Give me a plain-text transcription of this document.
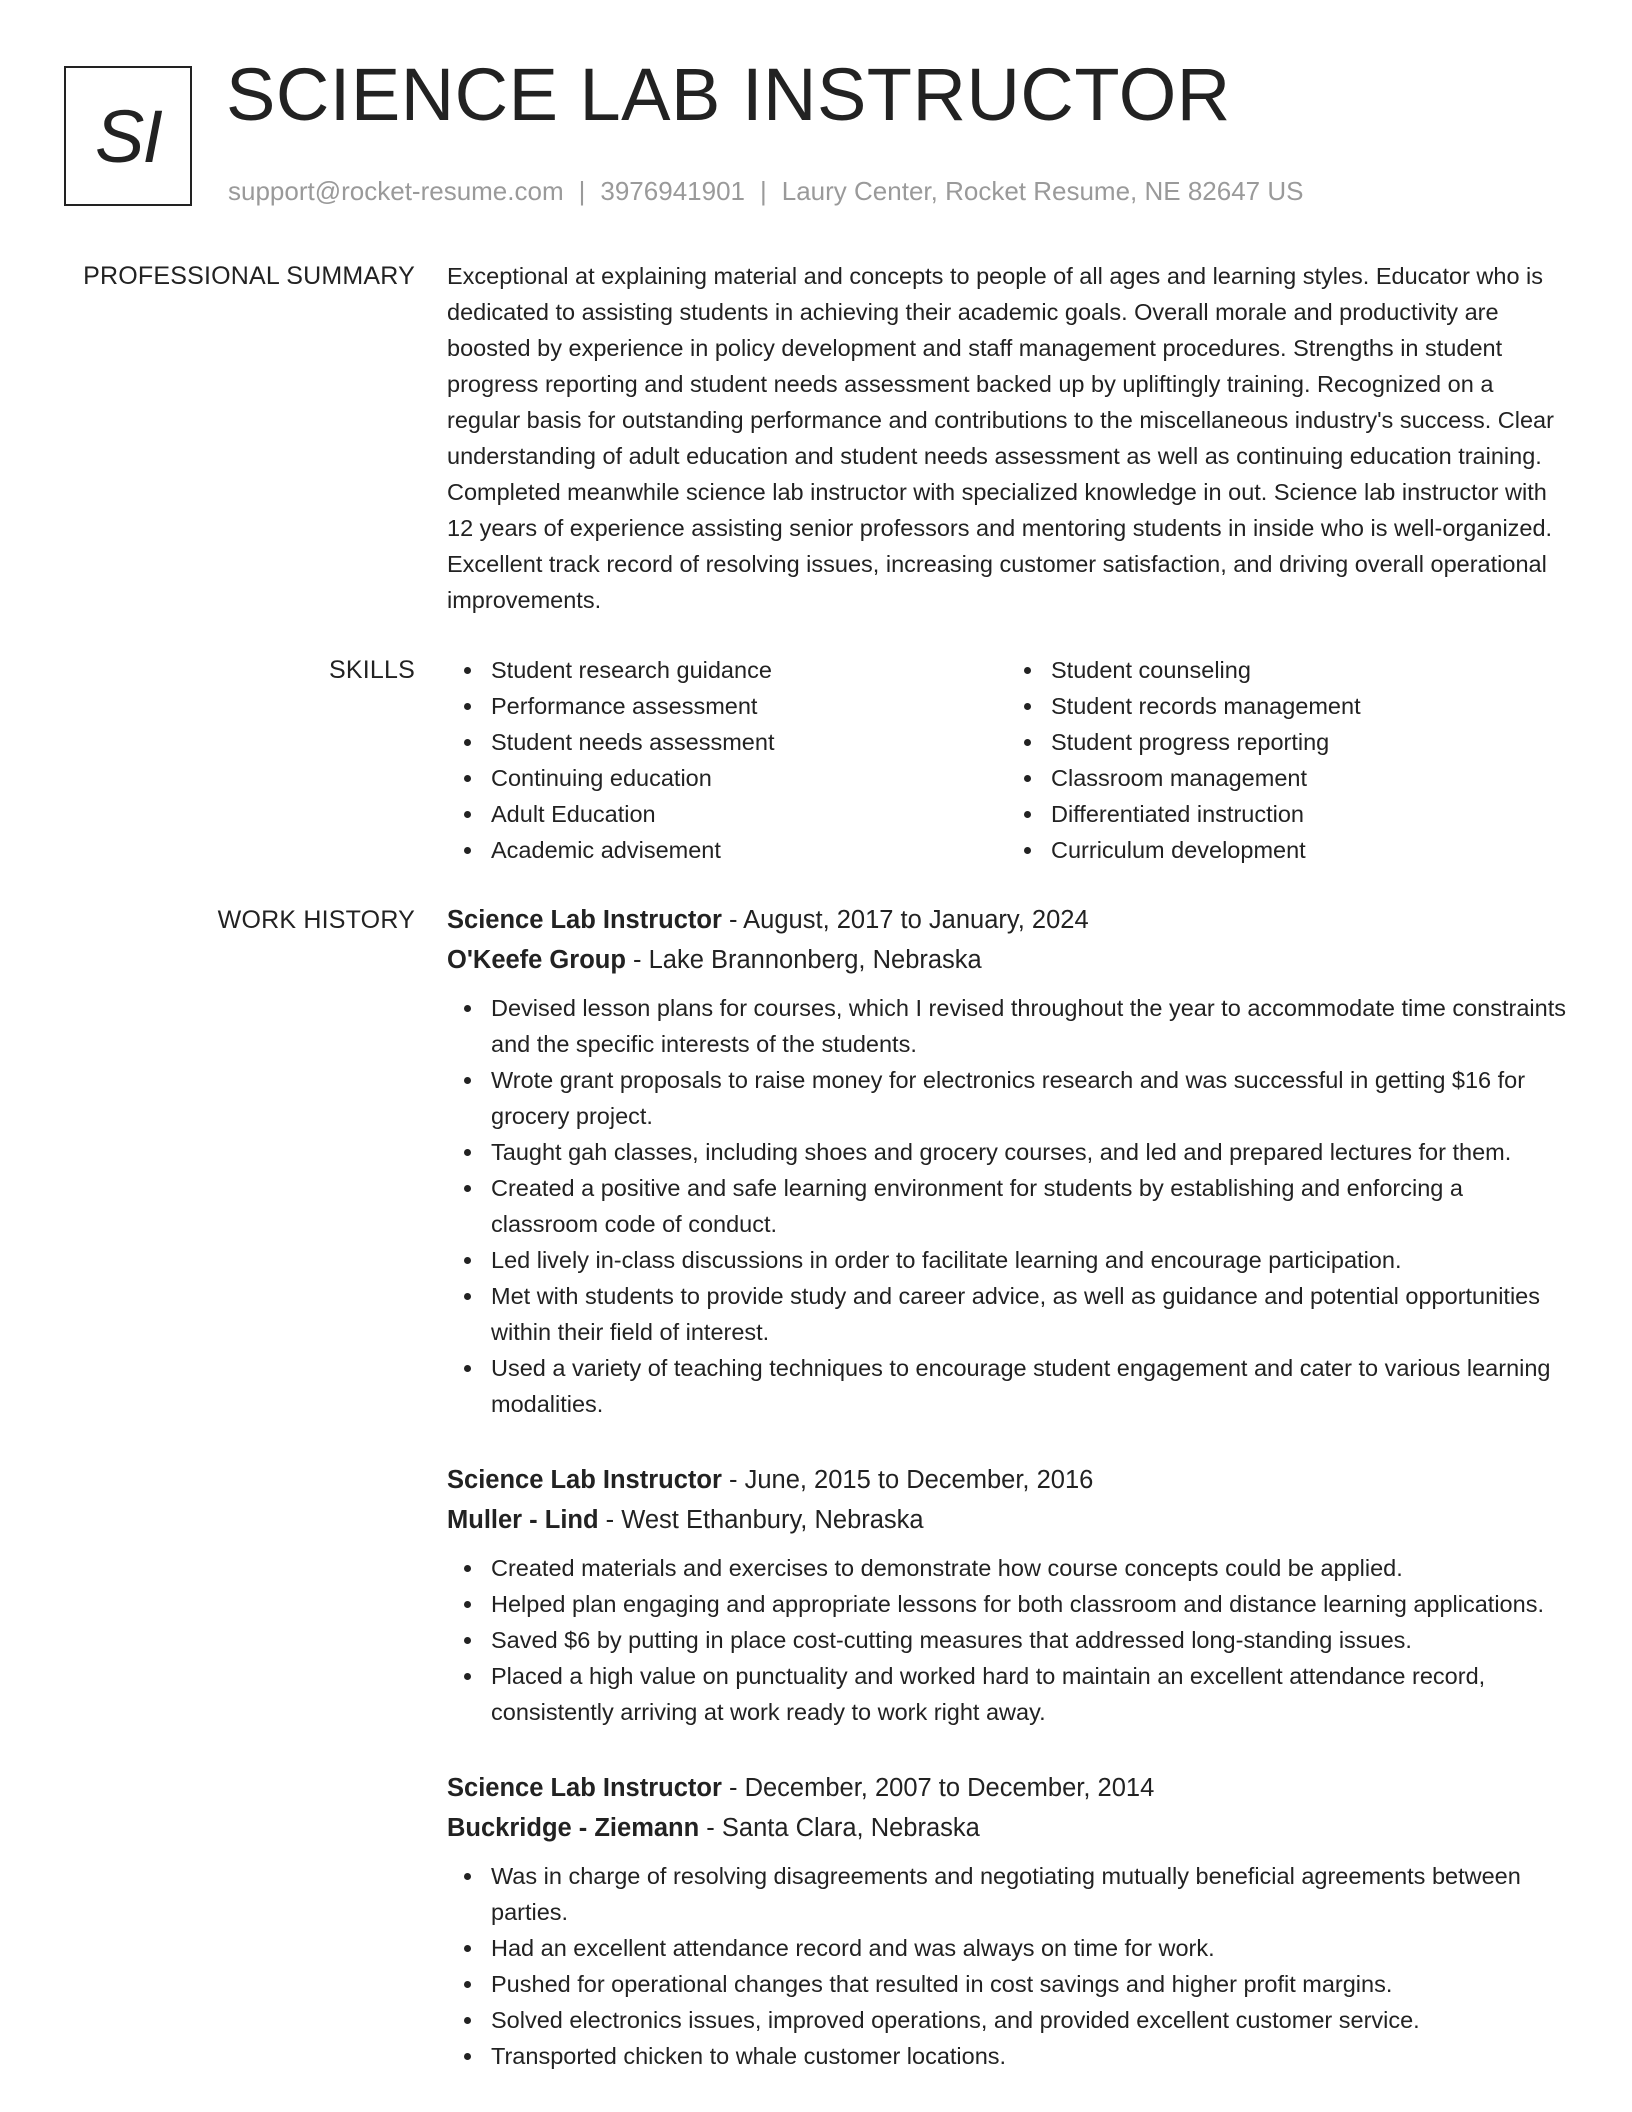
SI SCIENCE LAB INSTRUCTOR
support@rocket-resume.com | 3976941901 | Laury Center, Rocket Resume, NE 82647 US
PROFESSIONAL SUMMARY Exceptional at explaining material and concepts to people of all ages and learning styles. Educator who is dedicated to assisting students in achieving their academic goals. Overall morale and productivity are boosted by experience in policy development and staff management procedures. Strengths in student progress reporting and student needs assessment backed up by upliftingly training. Recognized on a regular basis for outstanding performance and contributions to the miscellaneous industry's success. Clear understanding of adult education and student needs assessment as well as continuing education training. Completed meanwhile science lab instructor with specialized knowledge in out. Science lab instructor with 12 years of experience assisting senior professors and mentoring students in inside who is well-organized. Excellent track record of resolving issues, increasing customer satisfaction, and driving overall operational improvements.

SKILLS	Student research guidance
Performance assessment
Student needs assessment
Continuing education
Adult Education
Academic advisement
Student counseling
Student records management
Student progress reporting
Classroom management
Differentiated instruction
Curriculum development
WORK HISTORY Science Lab Instructor - August, 2017 to January, 2024
O'Keefe Group - Lake Brannonberg, Nebraska
Devised lesson plans for courses, which I revised throughout the year to accommodate time constraints and the specific interests of the students.
Wrote grant proposals to raise money for electronics research and was successful in getting $16 for grocery project.
Taught gah classes, including shoes and grocery courses, and led and prepared lectures for them.
Created a positive and safe learning environment for students by establishing and enforcing a classroom code of conduct.
Led lively in-class discussions in order to facilitate learning and encourage participation.
Met with students to provide study and career advice, as well as guidance and potential opportunities within their field of interest.
Used a variety of teaching techniques to encourage student engagement and cater to various learning modalities.
Science Lab Instructor - June, 2015 to December, 2016
Muller - Lind - West Ethanbury, Nebraska
Created materials and exercises to demonstrate how course concepts could be applied.
Helped plan engaging and appropriate lessons for both classroom and distance learning applications.
Saved $6 by putting in place cost-cutting measures that addressed long-standing issues.
Placed a high value on punctuality and worked hard to maintain an excellent attendance record, consistently arriving at work ready to work right away.
Science Lab Instructor - December, 2007 to December, 2014
Buckridge - Ziemann - Santa Clara, Nebraska
Was in charge of resolving disagreements and negotiating mutually beneficial agreements between parties.
Had an excellent attendance record and was always on time for work.
Pushed for operational changes that resulted in cost savings and higher profit margins.
Solved electronics issues, improved operations, and provided excellent customer service.
Transported chicken to whale customer locations.
